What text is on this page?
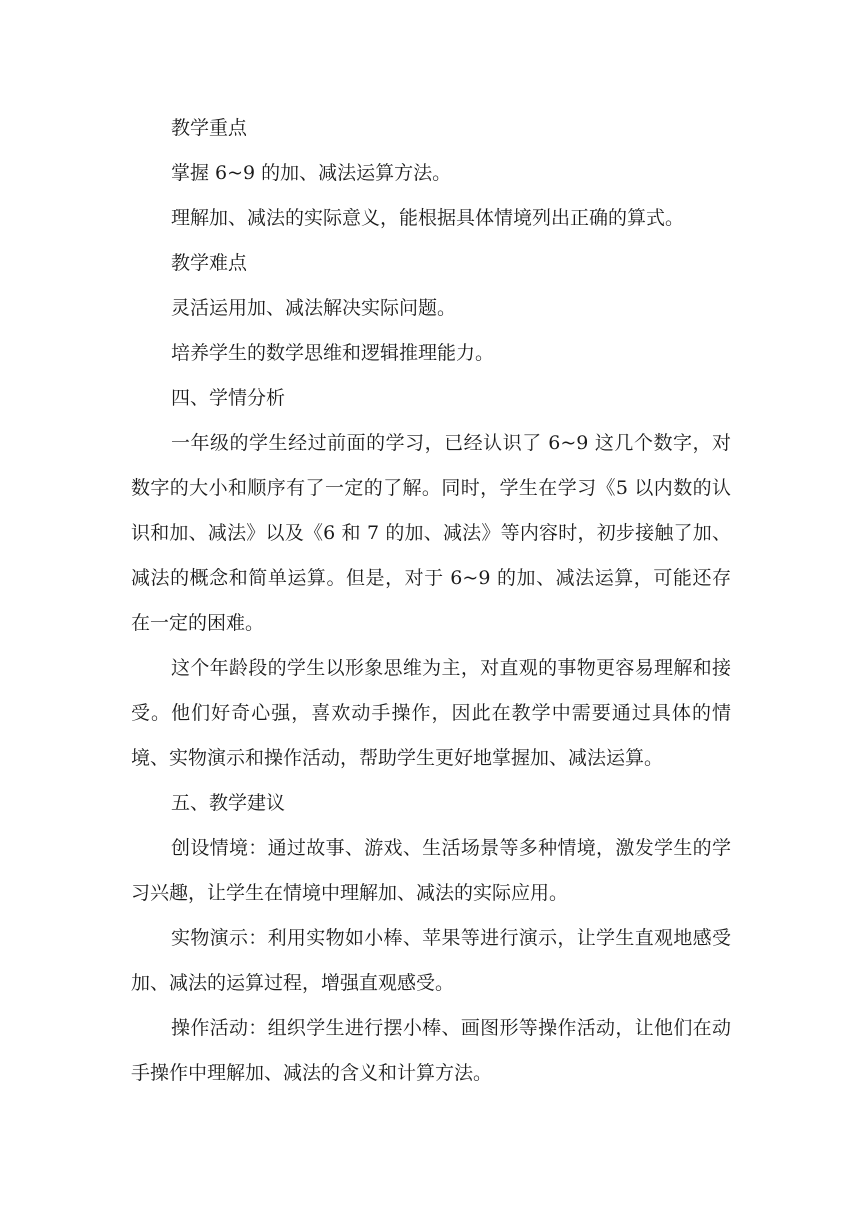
教学重点

掌握 6~9 的加、减法运算方法。

理解加、减法的实际意义，能根据具体情境列出正确的算式。

教学难点

灵活运用加、减法解决实际问题。

培养学生的数学思维和逻辑推理能力。

四、学情分析

一年级的学生经过前面的学习，已经认识了 6~9 这几个数字，对数字的大小和顺序有了一定的了解。同时，学生在学习《5 以内数的认识和加、减法》以及《6 和 7 的加、减法》等内容时，初步接触了加、减法的概念和简单运算。但是，对于 6~9 的加、减法运算，可能还存在一定的困难。

这个年龄段的学生以形象思维为主，对直观的事物更容易理解和接受。他们好奇心强，喜欢动手操作，因此在教学中需要通过具体的情境、实物演示和操作活动，帮助学生更好地掌握加、减法运算。

五、教学建议

创设情境：通过故事、游戏、生活场景等多种情境，激发学生的学习兴趣，让学生在情境中理解加、减法的实际应用。

实物演示：利用实物如小棒、苹果等进行演示，让学生直观地感受加、减法的运算过程，增强直观感受。

操作活动：组织学生进行摆小棒、画图形等操作活动，让他们在动手操作中理解加、减法的含义和计算方法。
